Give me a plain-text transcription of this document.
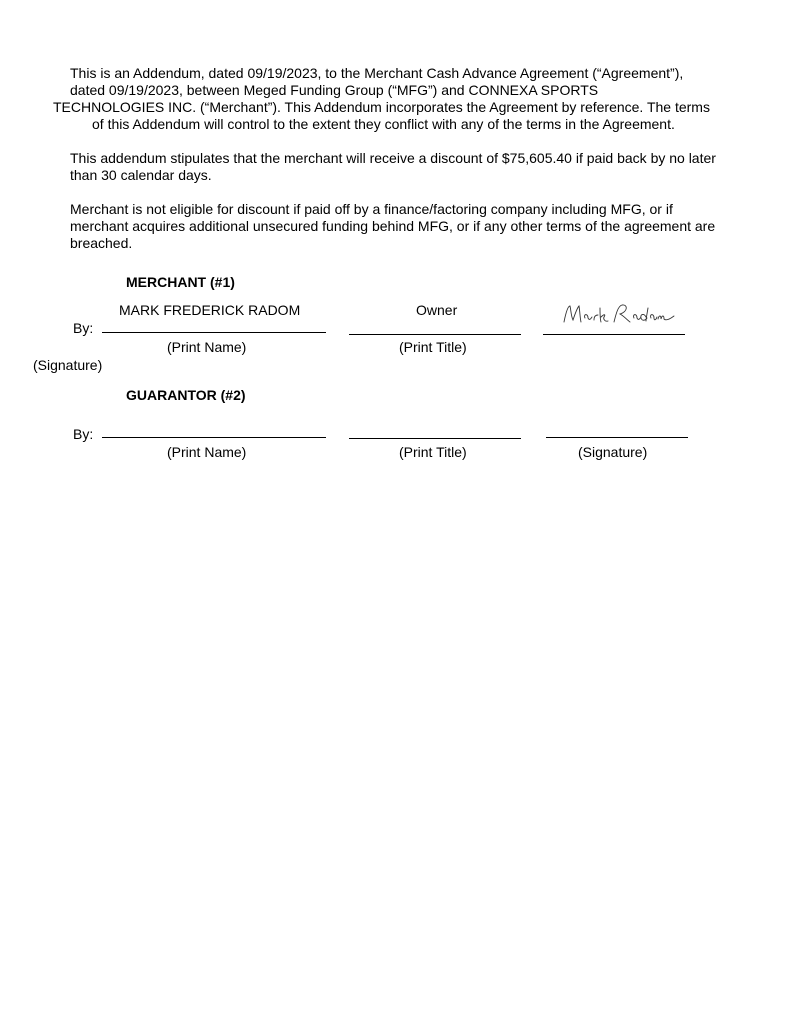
This is an Addendum, dated 09/19/2023, to the Merchant Cash Advance Agreement (“Agreement”),
dated 09/19/2023, between Meged Funding Group (“MFG”) and CONNEXA SPORTS
TECHNOLOGIES INC. (“Merchant”). This Addendum incorporates the Agreement by reference. The terms
of this Addendum will control to the extent they conflict with any of the terms in the Agreement.
This addendum stipulates that the merchant will receive a discount of $75,605.40 if paid back by no later
than 30 calendar days.
Merchant is not eligible for discount if paid off by a finance/factoring company including MFG, or if
merchant acquires additional unsecured funding behind MFG, or if any other terms of the agreement are
breached.
MERCHANT (#1)
MARK FREDERICK RADOM	Owner
By:
(Print Name)	(Print Title)
(Signature)
GUARANTOR (#2)
By:
(Print Name)	(Print Title)	(Signature)
